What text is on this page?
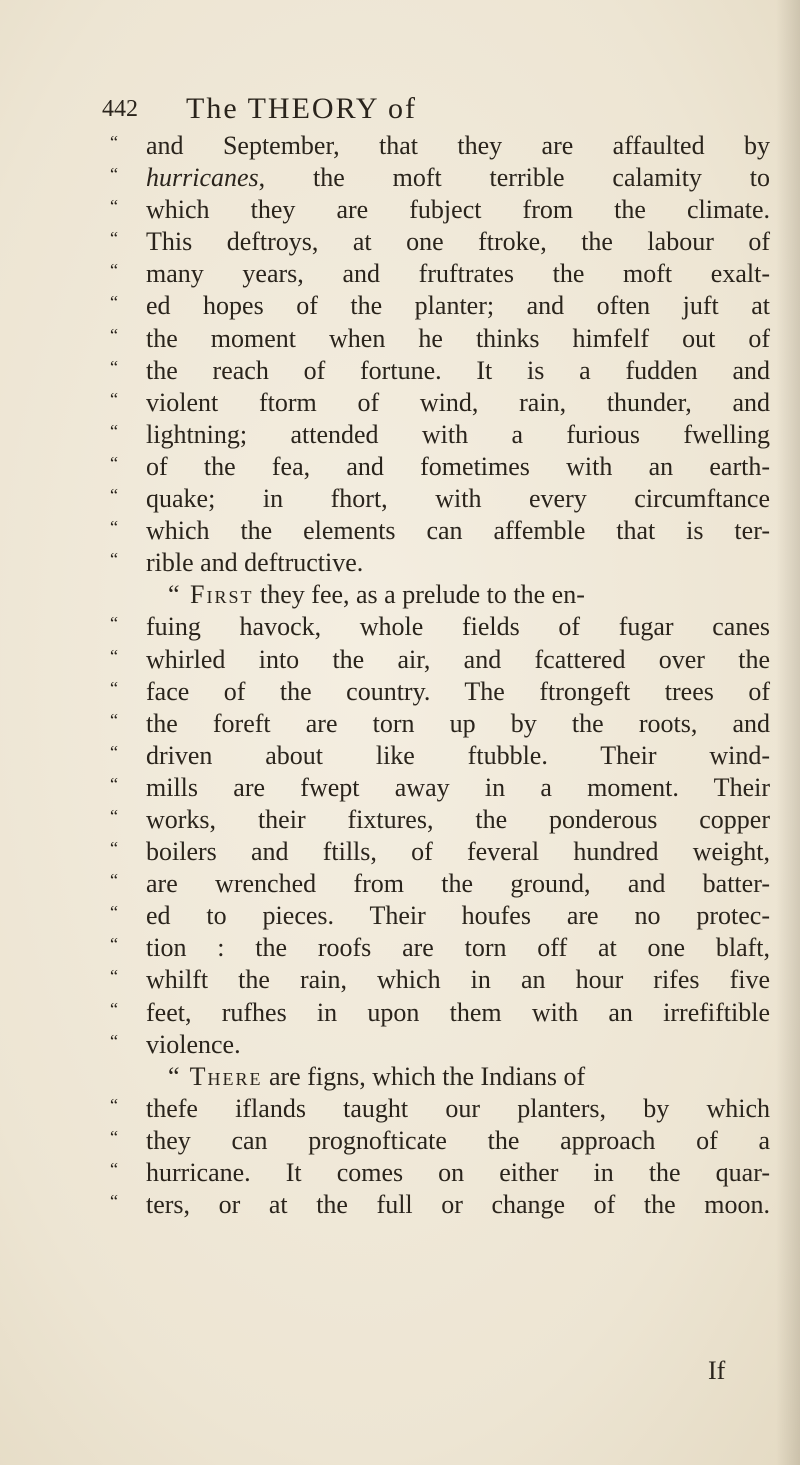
442 The THEORY of
“	and September, that they are affaulted by
“	hurricanes, the moft terrible calamity to
“	which they are fubject from the climate.
“	This deftroys, at one ftroke, the labour of
“	many years, and fruftrates the moft exalt-
“	ed hopes of the planter; and often juft at
“	the moment when he thinks himfelf out of
“	the reach of fortune. It is a fudden and
“	violent ftorm of wind, rain, thunder, and
“	lightning; attended with a furious fwelling
“	of the fea, and fometimes with an earth-
“	quake; in fhort, with every circumftance
“	which the elements can affemble that is ter-
“	rible and deftructive.
“ First they fee, as a prelude to the en-
“	fuing havock, whole fields of fugar canes
“	whirled into the air, and fcattered over the
“	face of the country. The ftrongeft trees of
“	the foreft are torn up by the roots, and
“	driven about like ftubble. Their wind-
“	mills are fwept away in a moment. Their
“	works, their fixtures, the ponderous copper
“	boilers and ftills, of feveral hundred weight,
“	are wrenched from the ground, and batter-
“	ed to pieces. Their houfes are no protec-
“	tion : the roofs are torn off at one blaft,
“	whilft the rain, which in an hour rifes five
“	feet, rufhes in upon them with an irrefiftible
“	violence.
“ There are figns, which the Indians of
“	thefe iflands taught our planters, by which
“	they can prognofticate the approach of a
“	hurricane. It comes on either in the quar-
“	ters, or at the full or change of the moon.
If
